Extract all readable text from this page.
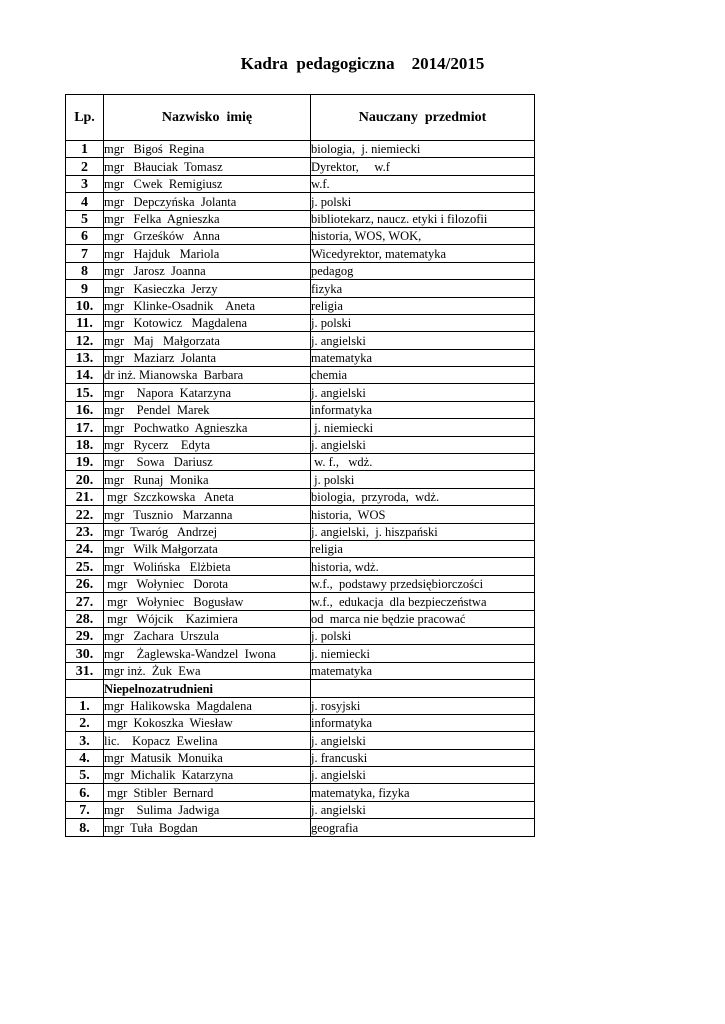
Kadra  pedagogiczna    2014/2015
Lp.	Nazwisko  imię	Nauczany  przedmiot
1	mgr   Bigoś  Regina	biologia,  j. niemiecki
2	mgr   Błauciak  Tomasz	Dyrektor,     w.f
3	mgr   Cwek  Remigiusz	w.f.
4	mgr   Depczyńska  Jolanta	j. polski
5	mgr   Felka  Agnieszka	bibliotekarz, naucz. etyki i filozofii
6	mgr   Grześków   Anna	historia, WOS, WOK,
7	mgr   Hajduk   Mariola	Wicedyrektor, matematyka
8	mgr   Jarosz  Joanna	pedagog
9	mgr   Kasieczka  Jerzy	fizyka
10.	mgr   Klinke-Osadnik    Aneta	religia
11.	mgr   Kotowicz   Magdalena	j. polski
12.	mgr   Maj   Małgorzata	j. angielski
13.	mgr   Maziarz  Jolanta	matematyka
14.	dr inż. Mianowska  Barbara	chemia
15.	mgr    Napora  Katarzyna	j. angielski
16.	mgr    Pendel  Marek	informatyka
17.	mgr   Pochwatko  Agnieszka	j. niemiecki
18.	mgr   Rycerz    Edyta	j. angielski
19.	mgr    Sowa   Dariusz	w. f.,   wdż.
20.	mgr   Runaj  Monika	j. polski
21.	mgr  Szczkowska   Aneta	biologia,  przyroda,  wdż.
22.	mgr   Tusznio   Marzanna	historia,  WOS
23.	mgr  Twaróg   Andrzej	j. angielski,  j. hiszpański
24.	mgr   Wilk Małgorzata	religia
25.	mgr   Wolińska   Elżbieta	historia, wdż.
26.	mgr   Wołyniec   Dorota	w.f.,  podstawy przedsiębiorczości
27.	mgr   Wołyniec   Bogusław	w.f.,  edukacja  dla bezpieczeństwa
28.	mgr   Wójcik    Kazimiera	od  marca nie będzie pracować
29.	mgr   Zachara  Urszula	j. polski
30.	mgr    Żaglewska-Wandzel  Iwona	j. niemiecki
31.	mgr inż.  Żuk  Ewa	matematyka
	Niepelnozatrudnieni	
1.	mgr  Halikowska  Magdalena	j. rosyjski
2.	mgr  Kokoszka  Wiesław	informatyka
3.	lic.    Kopacz  Ewelina	j. angielski
4.	mgr  Matusik  Monuika	j. francuski
5.	mgr  Michalik  Katarzyna	j. angielski
6.	mgr  Stibler  Bernard	matematyka, fizyka
7.	mgr    Sulima  Jadwiga	j. angielski
8.	mgr  Tuła  Bogdan	geografia
